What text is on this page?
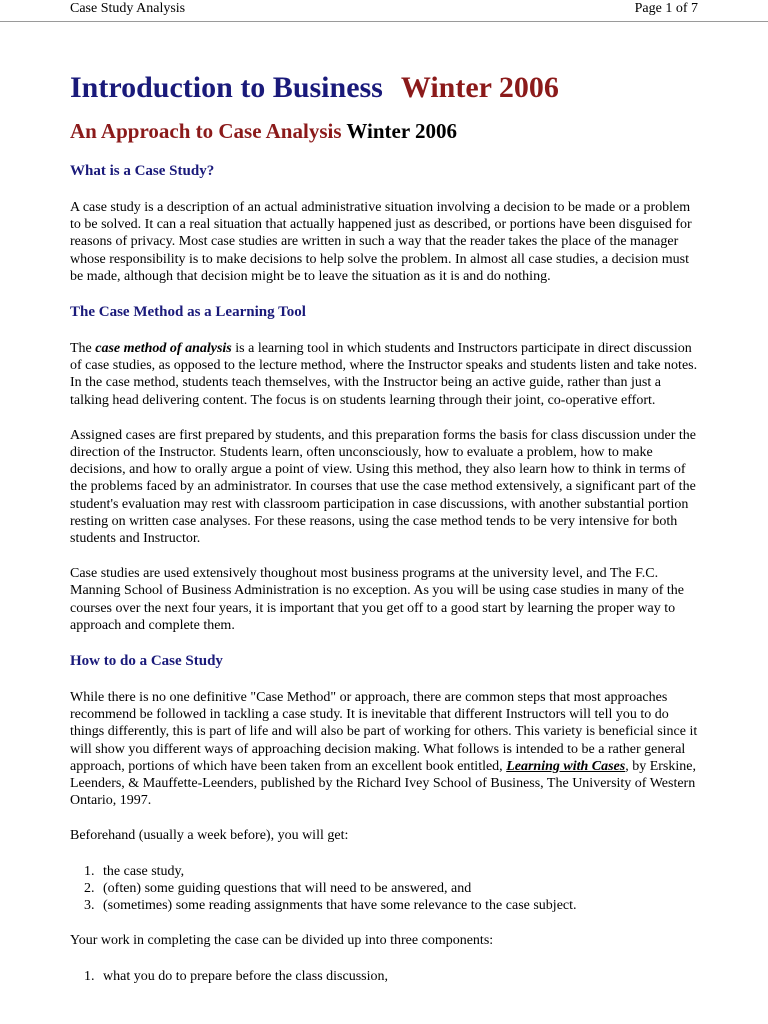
Case Study Analysis	Page 1 of 7
Introduction to Business Winter 2006
An Approach to Case Analysis Winter 2006
What is a Case Study?

A case study is a description of an actual administrative situation involving a decision to be made or a problem to be solved. It can a real situation that actually happened just as described, or portions have been disguised for reasons of privacy. Most case studies are written in such a way that the reader takes the place of the manager whose responsibility is to make decisions to help solve the problem. In almost all case studies, a decision must be made, although that decision might be to leave the situation as it is and do nothing.

The Case Method as a Learning Tool

The case method of analysis is a learning tool in which students and Instructors participate in direct discussion of case studies, as opposed to the lecture method, where the Instructor speaks and students listen and take notes. In the case method, students teach themselves, with the Instructor being an active guide, rather than just a talking head delivering content. The focus is on students learning through their joint, co-operative effort.

Assigned cases are first prepared by students, and this preparation forms the basis for class discussion under the direction of the Instructor. Students learn, often unconsciously, how to evaluate a problem, how to make decisions, and how to orally argue a point of view. Using this method, they also learn how to think in terms of the problems faced by an administrator. In courses that use the case method extensively, a significant part of the student's evaluation may rest with classroom participation in case discussions, with another substantial portion resting on written case analyses. For these reasons, using the case method tends to be very intensive for both students and Instructor.

Case studies are used extensively thoughout most business programs at the university level, and The F.C. Manning School of Business Administration is no exception. As you will be using case studies in many of the courses over the next four years, it is important that you get off to a good start by learning the proper way to approach and complete them.

How to do a Case Study

While there is no one definitive "Case Method" or approach, there are common steps that most approaches recommend be followed in tackling a case study. It is inevitable that different Instructors will tell you to do things differently, this is part of life and will also be part of working for others. This variety is beneficial since it will show you different ways of approaching decision making. What follows is intended to be a rather general approach, portions of which have been taken from an excellent book entitled, Learning with Cases, by Erskine, Leenders, & Mauffette-Leenders, published by the Richard Ivey School of Business, The University of Western Ontario, 1997.

Beforehand (usually a week before), you will get:

1. the case study,
2. (often) some guiding questions that will need to be answered, and
3. (sometimes) some reading assignments that have some relevance to the case subject.

Your work in completing the case can be divided up into three components:

1. what you do to prepare before the class discussion,
